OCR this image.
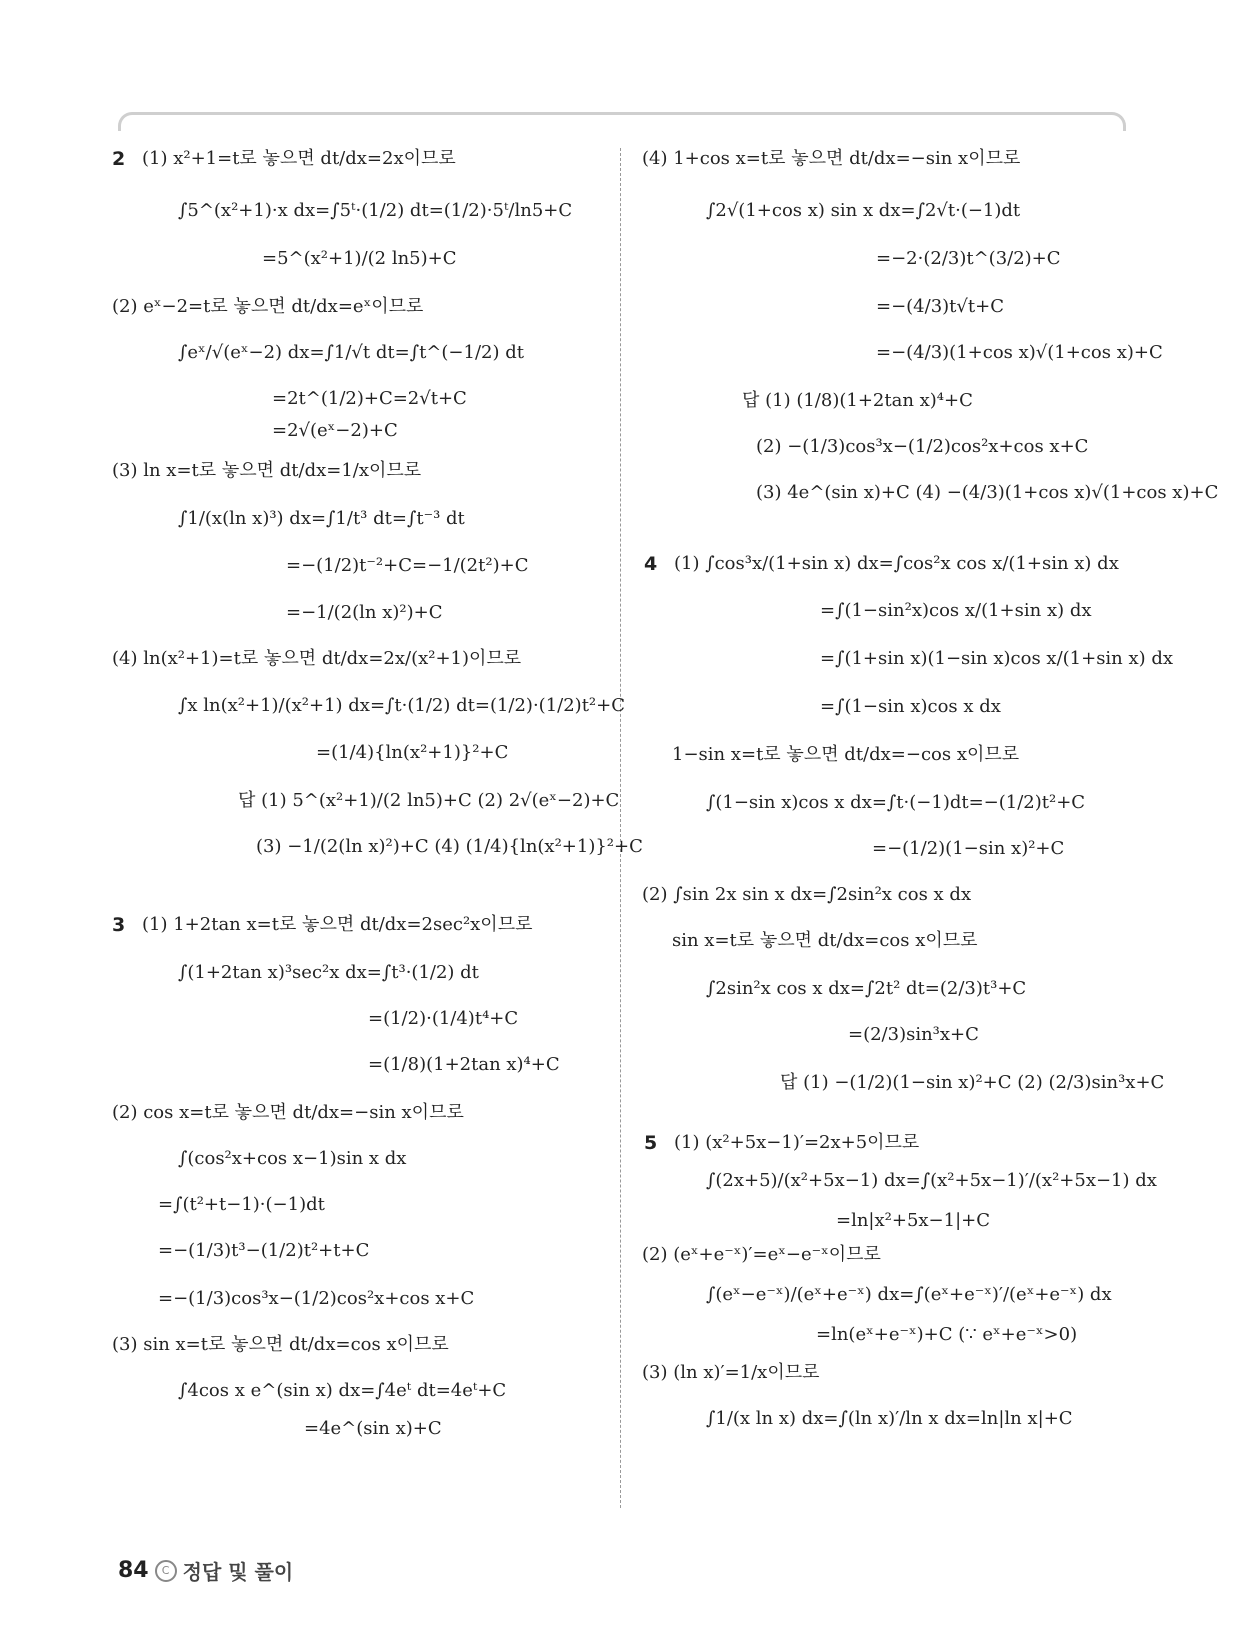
2 (1) x²+1=t로 놓으면 dt/dx=2x이므로
∫5^(x²+1)·x dx=∫5ᵗ·(1/2) dt=(1/2)·5ᵗ/ln5+C
=5^(x²+1)/(2 ln5)+C
(2) eˣ−2=t로 놓으면 dt/dx=eˣ이므로
∫eˣ/√(eˣ−2) dx=∫1/√t dt=∫t^(−1/2) dt
=2t^(1/2)+C=2√t+C
=2√(eˣ−2)+C
(3) ln x=t로 놓으면 dt/dx=1/x이므로
∫1/(x(ln x)³) dx=∫1/t³ dt=∫t⁻³ dt
=−(1/2)t⁻²+C=−1/(2t²)+C
=−1/(2(ln x)²)+C
(4) ln(x²+1)=t로 놓으면 dt/dx=2x/(x²+1)이므로
∫x ln(x²+1)/(x²+1) dx=∫t·(1/2) dt=(1/2)·(1/2)t²+C
=(1/4){ln(x²+1)}²+C
답 (1) 5^(x²+1)/(2 ln5)+C (2) 2√(eˣ−2)+C
(3) −1/(2(ln x)²)+C (4) (1/4){ln(x²+1)}²+C
3 (1) 1+2tan x=t로 놓으면 dt/dx=2sec²x이므로
∫(1+2tan x)³sec²x dx=∫t³·(1/2) dt
=(1/2)·(1/4)t⁴+C
=(1/8)(1+2tan x)⁴+C
(2) cos x=t로 놓으면 dt/dx=−sin x이므로
∫(cos²x+cos x−1)sin x dx
=∫(t²+t−1)·(−1)dt
=−(1/3)t³−(1/2)t²+t+C
=−(1/3)cos³x−(1/2)cos²x+cos x+C
(3) sin x=t로 놓으면 dt/dx=cos x이므로
∫4cos x e^(sin x) dx=∫4eᵗ dt=4eᵗ+C
=4e^(sin x)+C
(4) 1+cos x=t로 놓으면 dt/dx=−sin x이므로
∫2√(1+cos x) sin x dx=∫2√t·(−1)dt
=−2·(2/3)t^(3/2)+C
=−(4/3)t√t+C
=−(4/3)(1+cos x)√(1+cos x)+C
답 (1) (1/8)(1+2tan x)⁴+C
(2) −(1/3)cos³x−(1/2)cos²x+cos x+C
(3) 4e^(sin x)+C (4) −(4/3)(1+cos x)√(1+cos x)+C
4 (1) ∫cos³x/(1+sin x) dx=∫cos²x cos x/(1+sin x) dx
=∫(1−sin²x)cos x/(1+sin x) dx
=∫(1+sin x)(1−sin x)cos x/(1+sin x) dx
=∫(1−sin x)cos x dx
1−sin x=t로 놓으면 dt/dx=−cos x이므로
∫(1−sin x)cos x dx=∫t·(−1)dt=−(1/2)t²+C
=−(1/2)(1−sin x)²+C
(2) ∫sin 2x sin x dx=∫2sin²x cos x dx
sin x=t로 놓으면 dt/dx=cos x이므로
∫2sin²x cos x dx=∫2t² dt=(2/3)t³+C
=(2/3)sin³x+C
답 (1) −(1/2)(1−sin x)²+C (2) (2/3)sin³x+C
5 (1) (x²+5x−1)′=2x+5이므로
∫(2x+5)/(x²+5x−1) dx=∫(x²+5x−1)′/(x²+5x−1) dx
=ln|x²+5x−1|+C
(2) (eˣ+e⁻ˣ)′=eˣ−e⁻ˣ이므로
∫(eˣ−e⁻ˣ)/(eˣ+e⁻ˣ) dx=∫(eˣ+e⁻ˣ)′/(eˣ+e⁻ˣ) dx
=ln(eˣ+e⁻ˣ)+C (∵ eˣ+e⁻ˣ>0)
(3) (ln x)′=1/x이므로
∫1/(x ln x) dx=∫(ln x)′/ln x dx=ln|ln x|+C
84	C 정답 및 풀이
